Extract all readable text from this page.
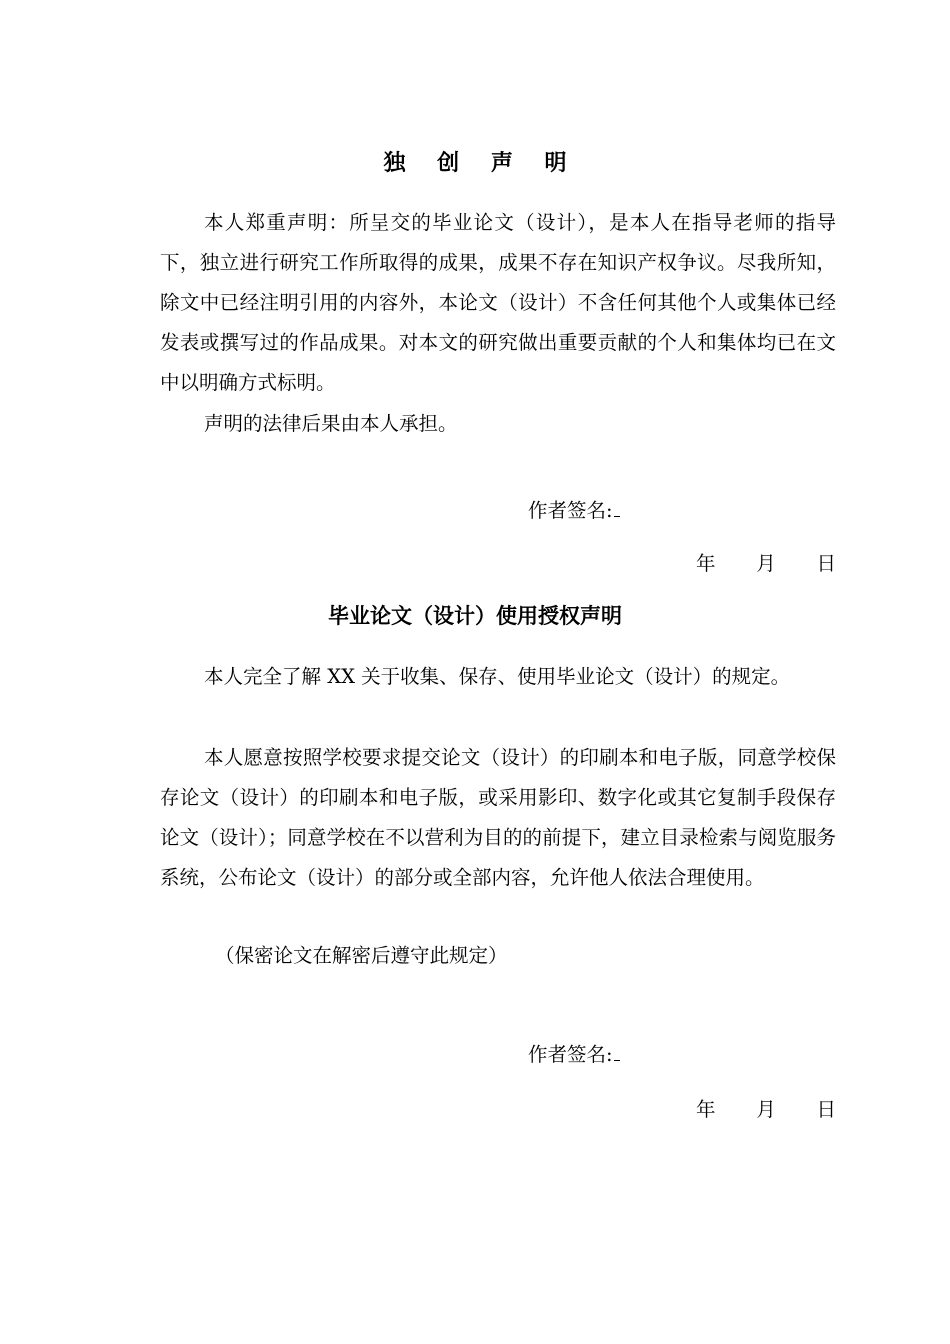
独 创 声 明

本人郑重声明：所呈交的毕业论文（设计），是本人在指导老师的指导下，独立进行研究工作所取得的成果，成果不存在知识产权争议。尽我所知，除文中已经注明引用的内容外，本论文（设计）不含任何其他个人或集体已经发表或撰写过的作品成果。对本文的研究做出重要贡献的个人和集体均已在文中以明确方式标明。

声明的法律后果由本人承担。

作者签名:
年 月 日
毕业论文（设计）使用授权声明

本人完全了解 XX 关于收集、保存、使用毕业论文（设计）的规定。

本人愿意按照学校要求提交论文（设计）的印刷本和电子版，同意学校保存论文（设计）的印刷本和电子版，或采用影印、数字化或其它复制手段保存论文（设计）；同意学校在不以营利为目的的前提下，建立目录检索与阅览服务系统，公布论文（设计）的部分或全部内容，允许他人依法合理使用。

（保密论文在解密后遵守此规定）

作者签名:
年 月 日
